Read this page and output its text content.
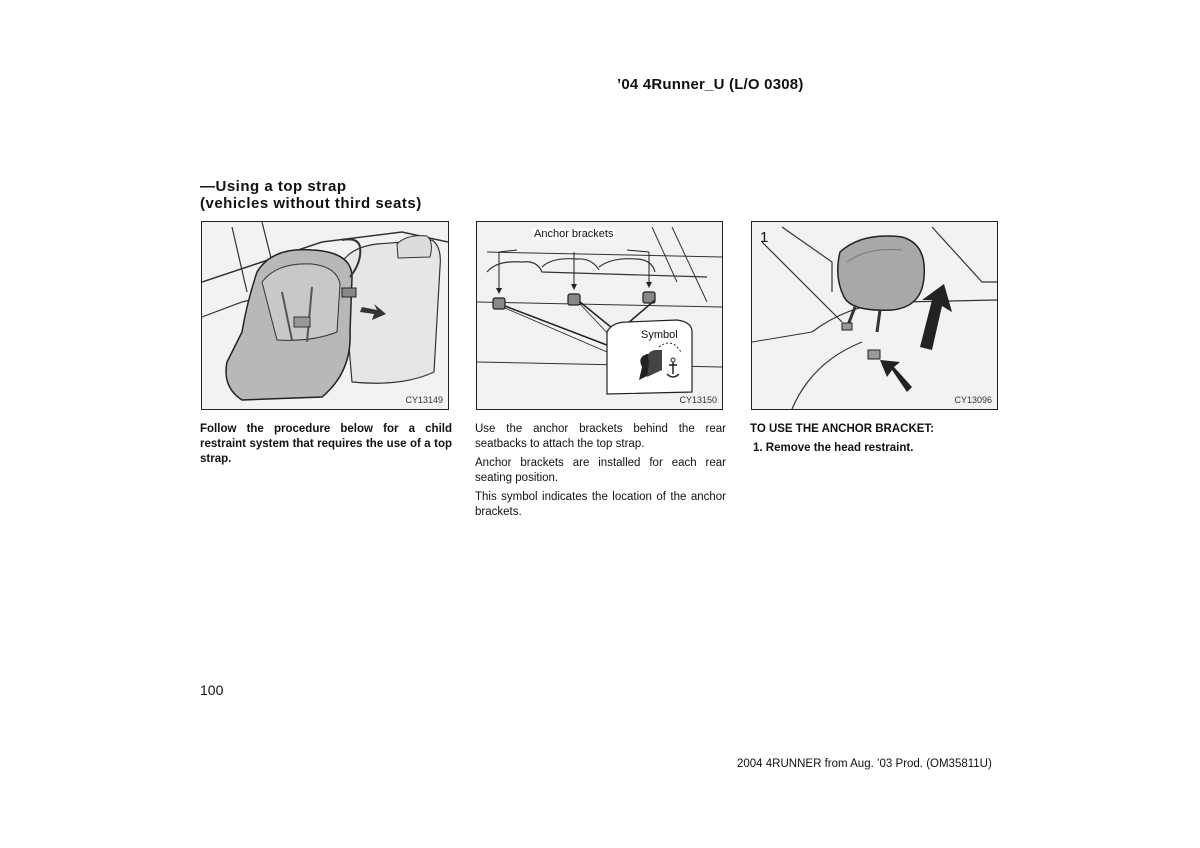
’04 4Runner_U (L/O 0308)
—Using a top strap
(vehicles without third seats)
CY13149
Anchor brackets
Symbol
CY13150
1
CY13096

Follow the procedure below for a child restraint system that requires the use of a top strap.

Use the anchor brackets behind the rear seatbacks to attach the top strap.

Anchor brackets are installed for each rear seating position.

This symbol indicates the location of the anchor brackets.

TO USE THE ANCHOR BRACKET:

1. Remove the head restraint.

100
2004 4RUNNER from Aug. ’03 Prod. (OM35811U)
